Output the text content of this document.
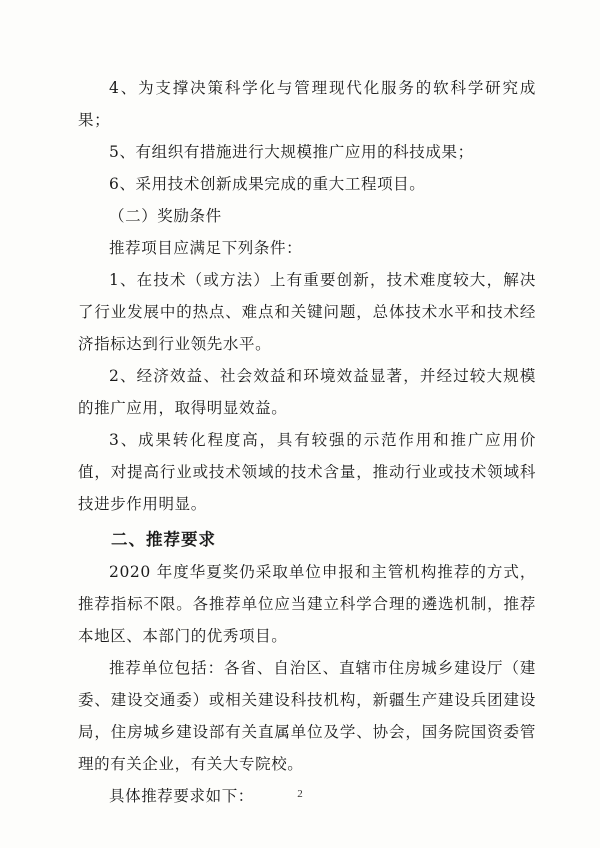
4、为支撑决策科学化与管理现代化服务的软科学研究成果；

5、有组织有措施进行大规模推广应用的科技成果；

6、采用技术创新成果完成的重大工程项目。

（二）奖励条件

推荐项目应满足下列条件：

1、在技术（或方法）上有重要创新，技术难度较大，解决了行业发展中的热点、难点和关键问题，总体技术水平和技术经济指标达到行业领先水平。

2、经济效益、社会效益和环境效益显著，并经过较大规模的推广应用，取得明显效益。

3、成果转化程度高，具有较强的示范作用和推广应用价值，对提高行业或技术领域的技术含量，推动行业或技术领域科技进步作用明显。

二、推荐要求

2020 年度华夏奖仍采取单位申报和主管机构推荐的方式，推荐指标不限。各推荐单位应当建立科学合理的遴选机制，推荐本地区、本部门的优秀项目。

推荐单位包括：各省、自治区、直辖市住房城乡建设厅（建委、建设交通委）或相关建设科技机构，新疆生产建设兵团建设局，住房城乡建设部有关直属单位及学、协会，国务院国资委管理的有关企业，有关大专院校。

具体推荐要求如下：	2
